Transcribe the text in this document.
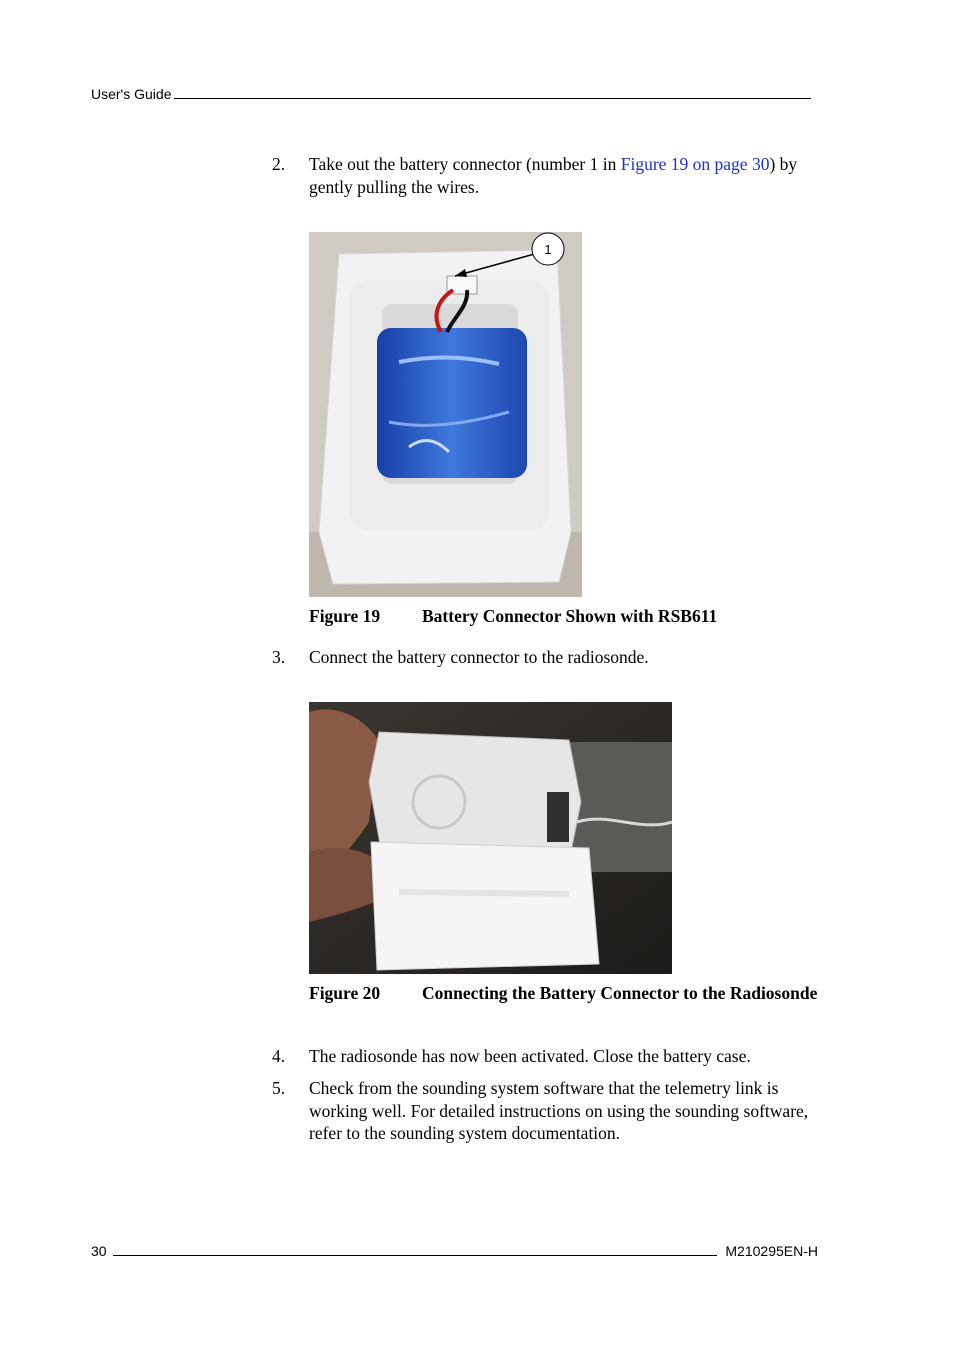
User's Guide
2.	Take out the battery connector (number 1 in Figure 19 on page 30) by gently pulling the wires.
1
Figure 19	Battery Connector Shown with RSB611
3.	Connect the battery connector to the radiosonde.
Figure 20	Connecting the Battery Connector to the Radiosonde
4.	The radiosonde has now been activated. Close the battery case.
5.	Check from the sounding system software that the telemetry link is working well. For detailed instructions on using the sounding software, refer to the sounding system documentation.
30	M210295EN-H
